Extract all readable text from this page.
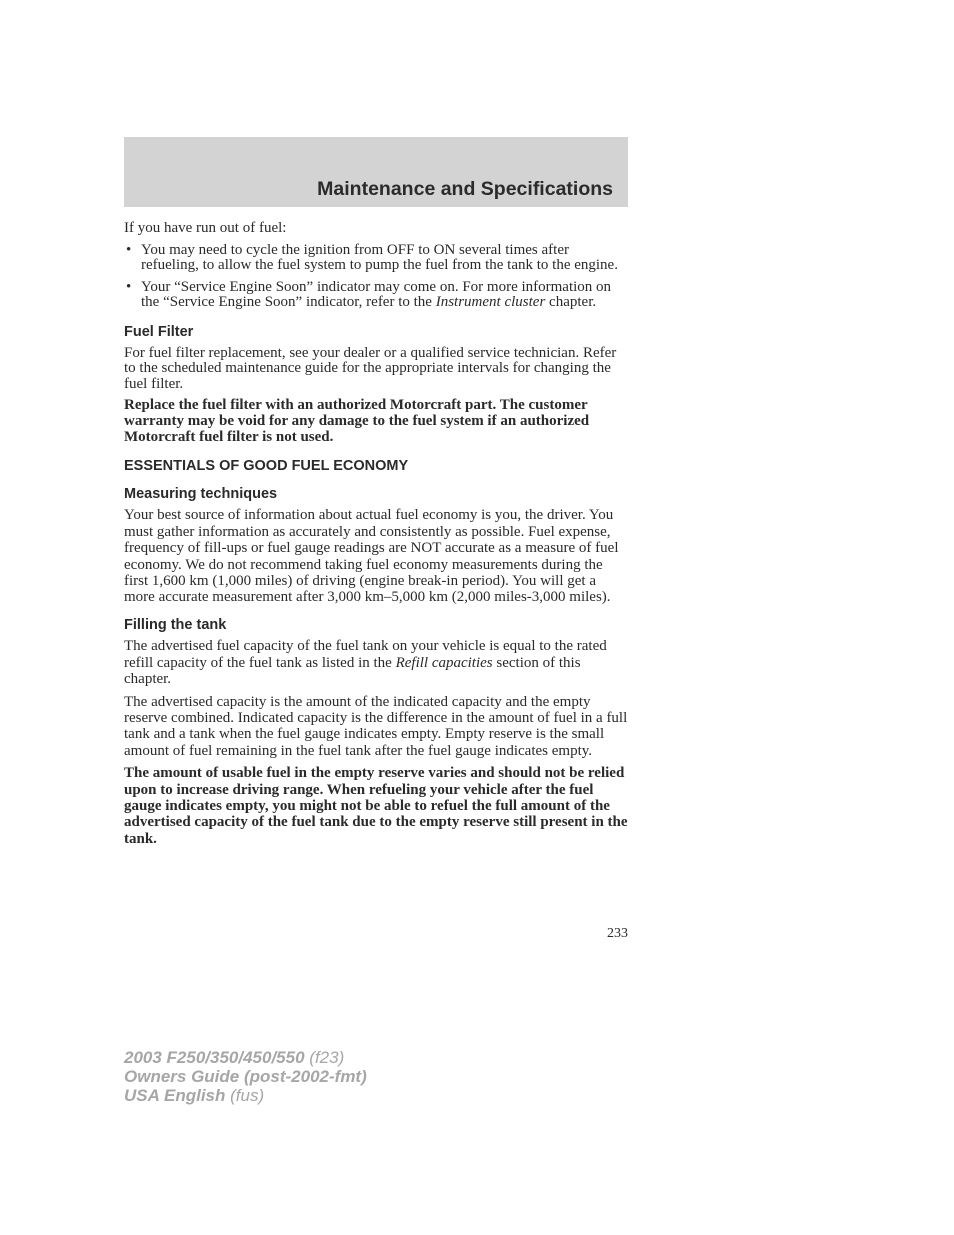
Maintenance and Specifications

If you have run out of fuel:

• You may need to cycle the ignition from OFF to ON several times after refueling, to allow the fuel system to pump the fuel from the tank to the engine.
• Your “Service Engine Soon” indicator may come on. For more information on the “Service Engine Soon” indicator, refer to the Instrument cluster chapter.
Fuel Filter

For fuel filter replacement, see your dealer or a qualified service technician. Refer to the scheduled maintenance guide for the appropriate intervals for changing the fuel filter.

Replace the fuel filter with an authorized Motorcraft part. The customer warranty may be void for any damage to the fuel system if an authorized Motorcraft fuel filter is not used.

ESSENTIALS OF GOOD FUEL ECONOMY
Measuring techniques

Your best source of information about actual fuel economy is you, the driver. You must gather information as accurately and consistently as possible. Fuel expense, frequency of fill-ups or fuel gauge readings are NOT accurate as a measure of fuel economy. We do not recommend taking fuel economy measurements during the first 1,600 km (1,000 miles) of driving (engine break-in period). You will get a more accurate measurement after 3,000 km–5,000 km (2,000 miles-3,000 miles).

Filling the tank

The advertised fuel capacity of the fuel tank on your vehicle is equal to the rated refill capacity of the fuel tank as listed in the Refill capacities section of this chapter.

The advertised capacity is the amount of the indicated capacity and the empty reserve combined. Indicated capacity is the difference in the amount of fuel in a full tank and a tank when the fuel gauge indicates empty. Empty reserve is the small amount of fuel remaining in the fuel tank after the fuel gauge indicates empty.

The amount of usable fuel in the empty reserve varies and should not be relied upon to increase driving range. When refueling your vehicle after the fuel gauge indicates empty, you might not be able to refuel the full amount of the advertised capacity of the fuel tank due to the empty reserve still present in the tank.

233
2003 F250/350/450/550 (f23)
Owners Guide (post-2002-fmt)
USA English (fus)
